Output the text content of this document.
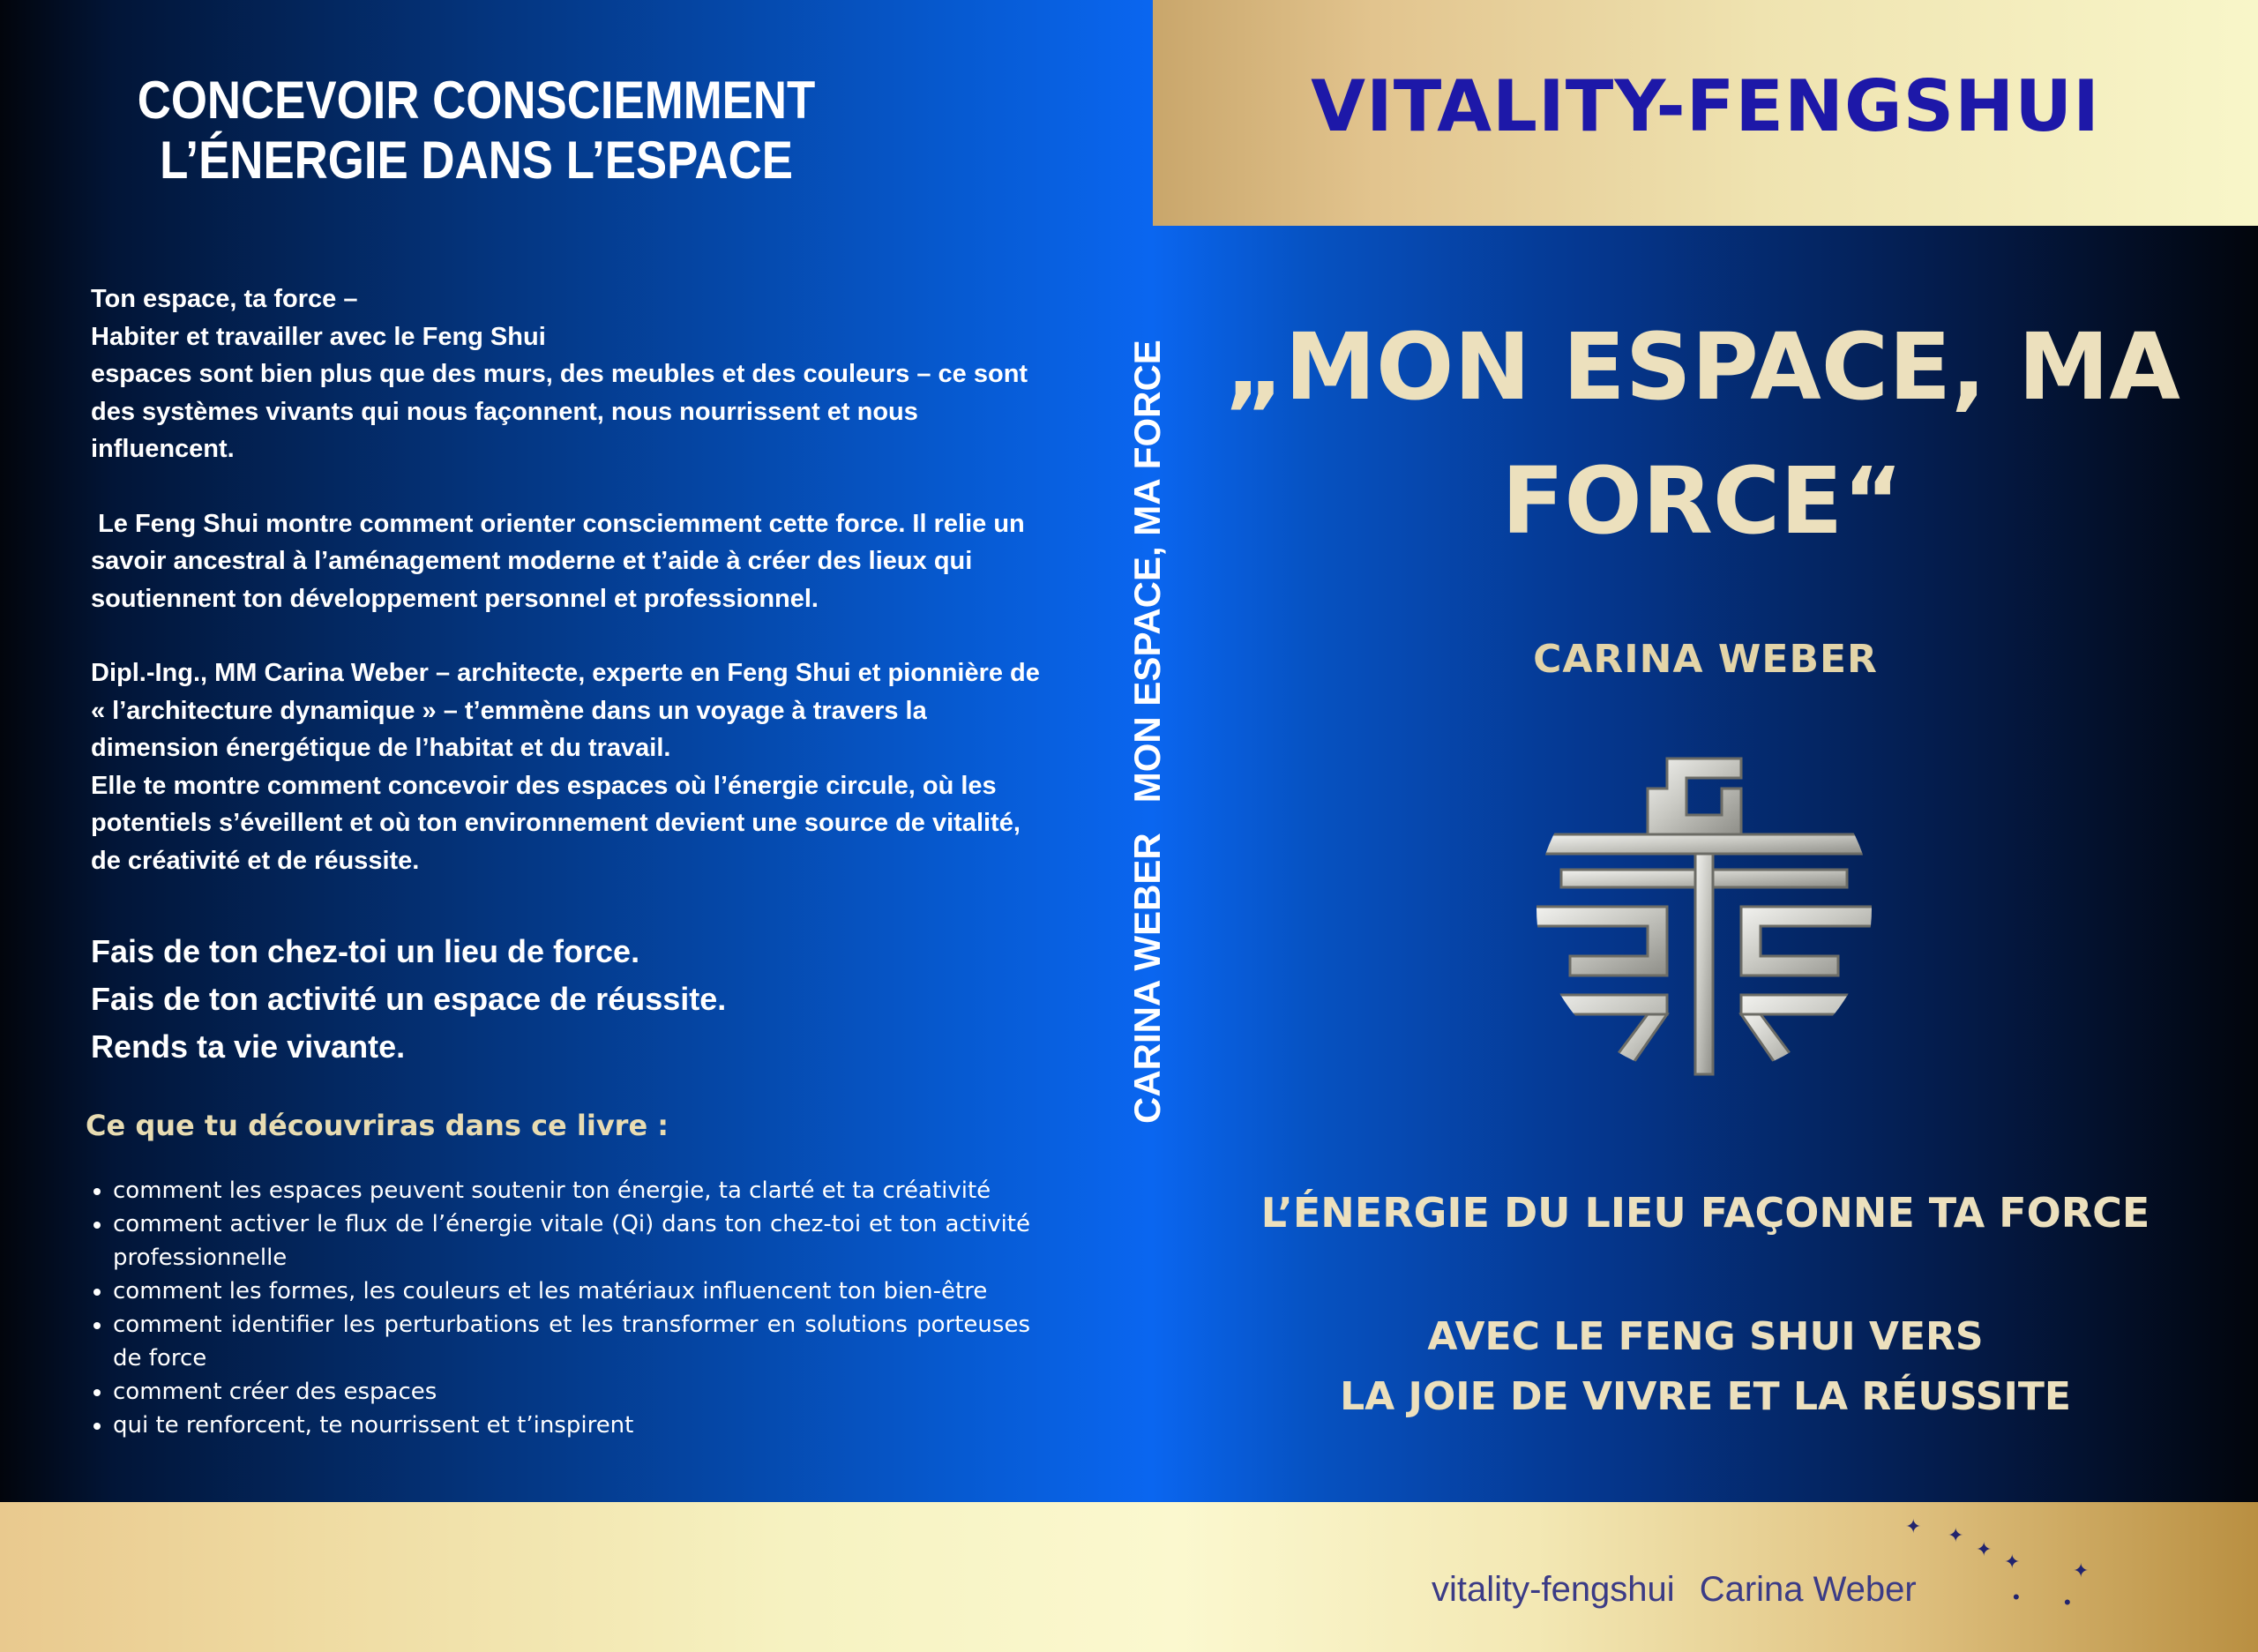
VITALITY-FENGSHUI
CONCEVOIR CONSCIEMMENT
L’ÉNERGIE DANS L’ESPACE

Ton espace, ta force –
Habiter et travailler avec le Feng Shui
espaces sont bien plus que des murs, des meubles et des couleurs – ce sont des systèmes vivants qui nous façonnent, nous nourrissent et nous influencent.

Le Feng Shui montre comment orienter consciemment cette force. Il relie un savoir ancestral à l’aménagement moderne et t’aide à créer des lieux qui soutiennent ton développement personnel et professionnel.

Dipl.-Ing., MM Carina Weber – architecte, experte en Feng Shui et pionnière de « l’architecture dynamique » – t’emmène dans un voyage à travers la dimension énergétique de l’habitat et du travail.
Elle te montre comment concevoir des espaces où l’énergie circule, où les potentiels s’éveillent et où ton environnement devient une source de vitalité, de créativité et de réussite.

Fais de ton chez-toi un lieu de force.
Fais de ton activité un espace de réussite.
Rends ta vie vivante.
Ce que tu découvriras dans ce livre :
• comment les espaces peuvent soutenir ton énergie, ta clarté et ta créativité
• comment activer le flux de l’énergie vitale (Qi) dans ton chez-toi et ton activité professionnelle
• comment les formes, les couleurs et les matériaux influencent ton bien-être
• comment identifier les perturbations et les transformer en solutions porteuses de force
• comment créer des espaces
• qui te renforcent, te nourrissent et t’inspirent
CARINA WEBERMON ESPACE, MA FORCE „MON ESPACE, MA
FORCE“
CARINA WEBER
L’ÉNERGIE DU LIEU FAÇONNE TA FORCE
AVEC LE FENG SHUI VERS
LA JOIE DE VIVRE ET LA RÉUSSITE
vitality-fengshui Carina Weber
✦ ✦
✦
✦	✦
• •
